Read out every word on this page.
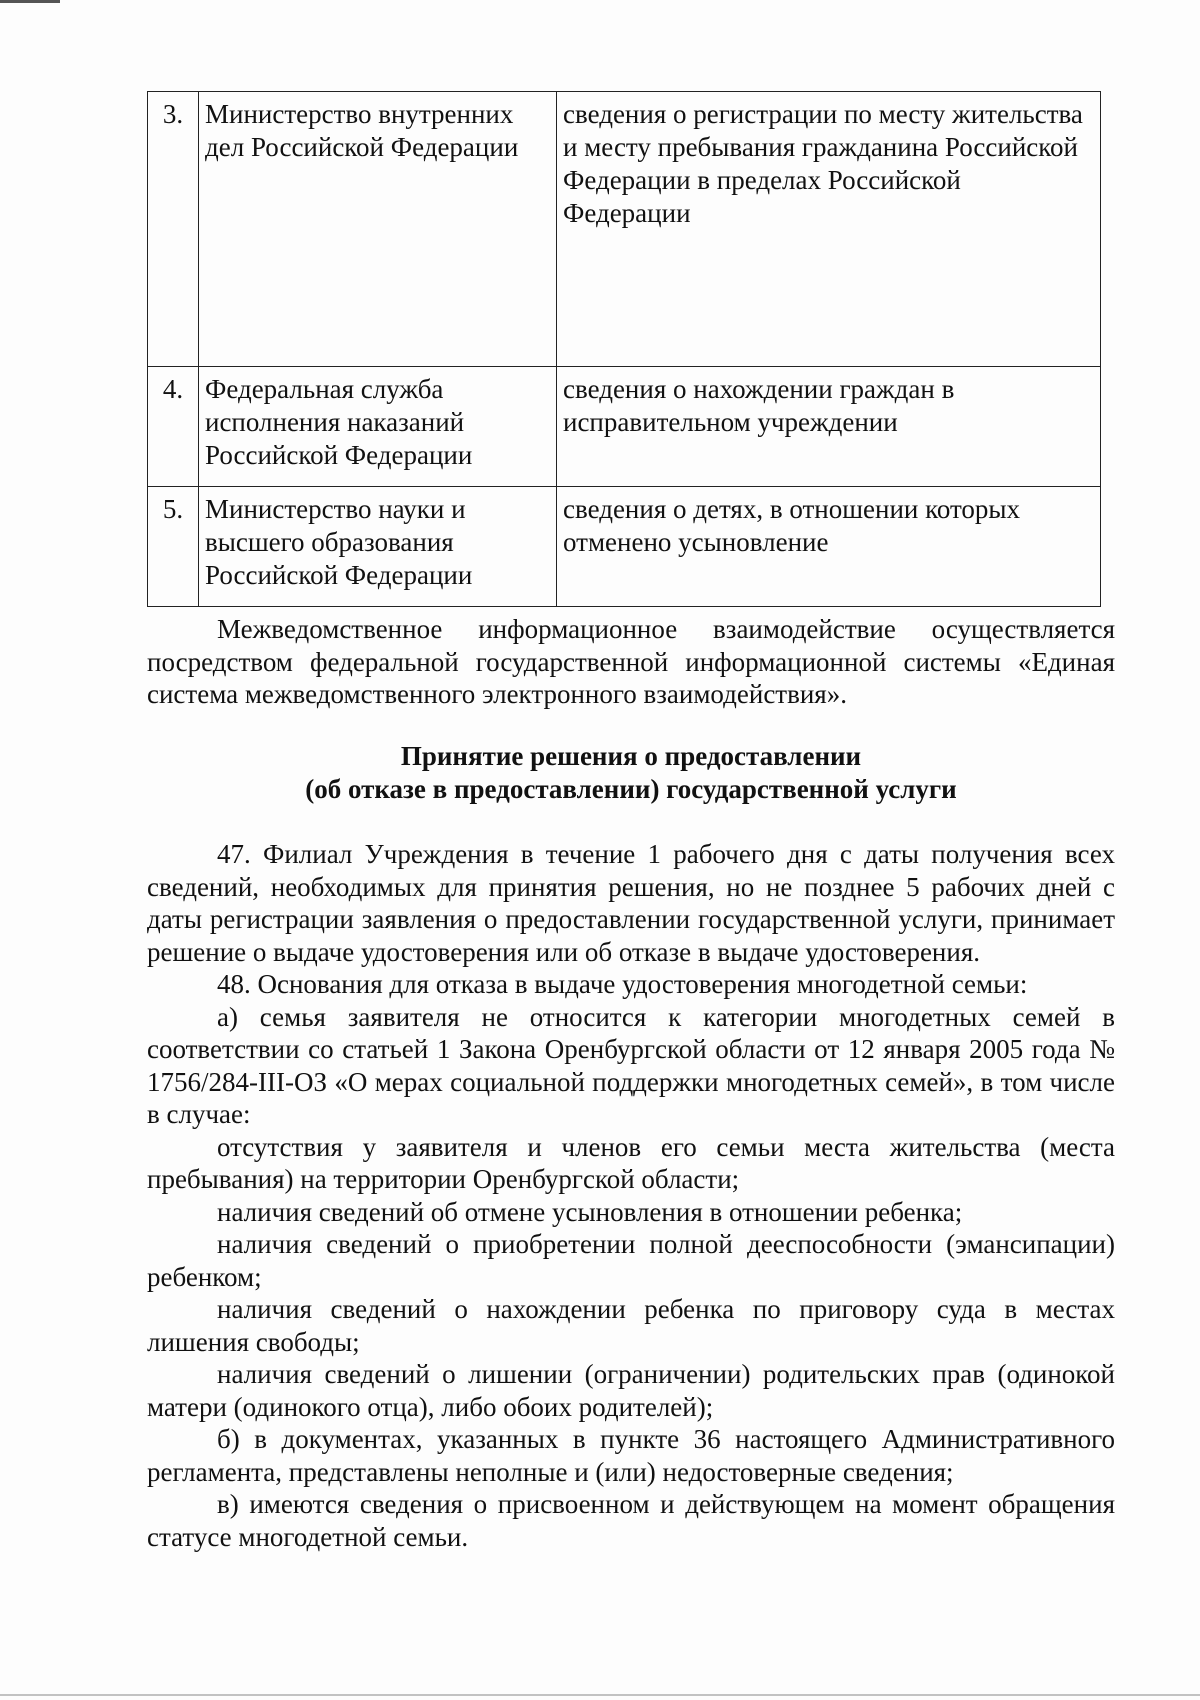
3.	Министерство внутренних дел Российской Федерации	сведения о регистрации по месту жительства и месту пребывания гражданина Российской Федерации в пределах Российской Федерации
4.	Федеральная служба исполнения наказаний Российской Федерации	сведения о нахождении граждан в исправительном учреждении
5.	Министерство науки и высшего образования Российской Федерации	сведения о детях, в отношении которых отменено усыновление

Межведомственное информационное взаимодействие осуществляется посредством федеральной государственной информационной системы «Единая система межведомственного электронного взаимодействия».

Принятие решения о предоставлении
(об отказе в предоставлении) государственной услуги

47. Филиал Учреждения в течение 1 рабочего дня с даты получения всех сведений, необходимых для принятия решения, но не позднее 5 рабочих дней с даты регистрации заявления о предоставлении государственной услуги, принимает решение о выдаче удостоверения или об отказе в выдаче удостоверения.

48. Основания для отказа в выдаче удостоверения многодетной семьи:

а) семья заявителя не относится к категории многодетных семей в соответствии со статьей 1 Закона Оренбургской области от 12 января 2005 года № 1756/284-III-ОЗ «О мерах социальной поддержки многодетных семей», в том числе в случае:

отсутствия у заявителя и членов его семьи места жительства (места пребывания) на территории Оренбургской области;

наличия сведений об отмене усыновления в отношении ребенка;

наличия сведений о приобретении полной дееспособности (эмансипации) ребенком;

наличия сведений о нахождении ребенка по приговору суда в местах лишения свободы;

наличия сведений о лишении (ограничении) родительских прав (одинокой матери (одинокого отца), либо обоих родителей);

б) в документах, указанных в пункте 36 настоящего Административного регламента, представлены неполные и (или) недостоверные сведения;

в) имеются сведения о присвоенном и действующем на момент обращения статусе многодетной семьи.
